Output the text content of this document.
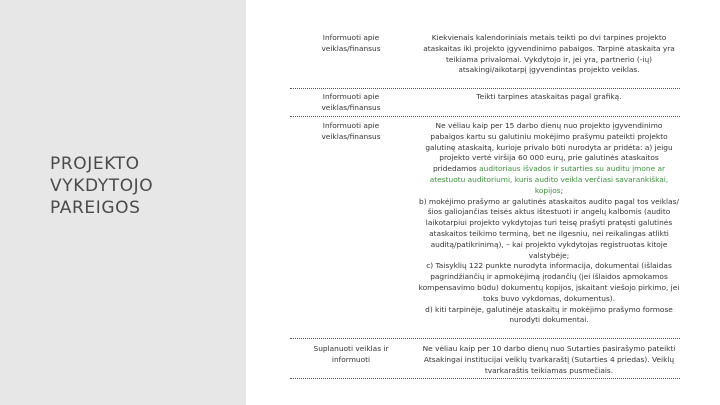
PROJEKTO
VYKDYTOJO
PAREIGOS
Informuoti apie veiklas/finansus
Kiekvienais kalendoriniais metais teikti po dvi tarpines projekto ataskaitas iki projekto įgyvendinimo pabaigos. Tarpinė ataskaita yra teikiama privalomai. Vykdytojo ir, jei yra, partnerio (-ių) atsakingi/aikotarpį įgyvendintas projekto veiklas.
Informuoti apie veiklas/finansus
Teikti tarpines ataskaitas pagal grafiką.
Informuoti apie veiklas/finansus
Ne vėliau kaip per 15 darbo dienų nuo projekto įgyvendinimo pabaigos kartu su galutiniu mokėjimo prašymu pateikti projekto galutinę ataskaitą, kurioje privalo būti nurodyta ar pridėta: a) jeigu projekto vertė viršija 60 000 eurų, prie galutinės ataskaitos pridedamos auditoriaus išvados ir sutarties su auditu įmone ar atestuotu auditoriumi, kuris audito veikla verčiasi savarankiškai, kopijos;
b) mokėjimo prašymo ar galutinės ataskaitos audito pagal tos veiklas/šios galiojančias teisės aktus ištestuoti ir angelų kalbomis (audito laikotarpiui projekto vykdytojas turi teisę prašyti pratęsti galutinės ataskaitos teikimo terminą, bet ne ilgesniu, nei reikalingas atlikti auditą/patikrinimą), – kai projekto vykdytojas registruotas kitoje valstybėje;
c) Taisyklių 122 punkte nurodyta informacija, dokumentai (išlaidas pagrindžiančių ir apmokėjimą įrodančių (jei išlaidos apmokamos kompensavimo būdu) dokumentų kopijos, įskaitant viešojo pirkimo, jei toks buvo vykdomas, dokumentus).
d) kiti tarpinėje, galutinėje ataskaitų ir mokėjimo prašymo formose nurodyti dokumentai.
Suplanuoti veiklas ir informuoti
Ne vėliau kaip per 10 darbo dienų nuo Sutarties pasirašymo pateikti Atsakingai institucijai veiklų tvarkaraštį (Sutarties 4 priedas). Veiklų tvarkaraštis teikiamas pusmečiais.
